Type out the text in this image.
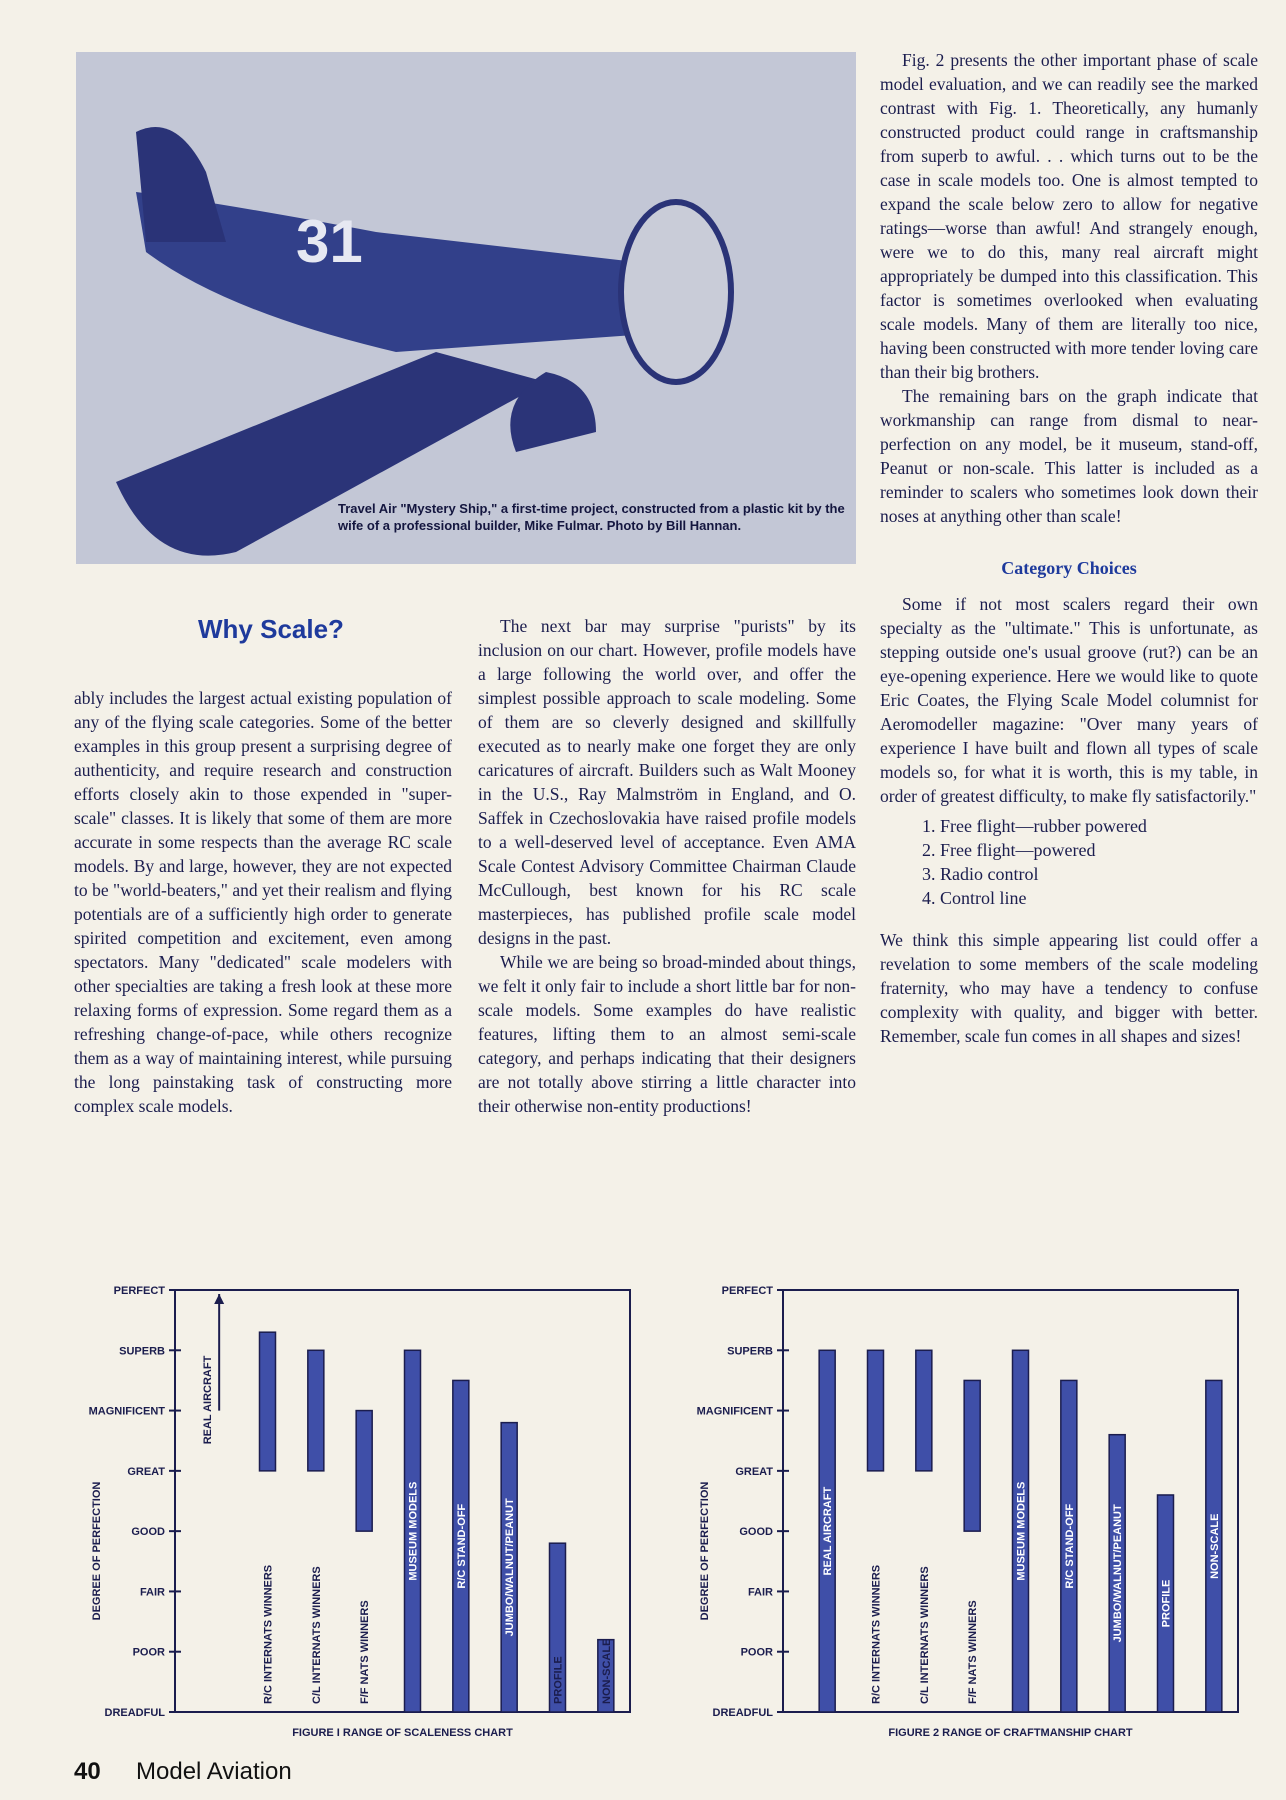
31
Travel Air "Mystery Ship," a first-time project, constructed from a plastic kit by the wife of a professional builder, Mike Fulmar. Photo by Bill Hannan.
Why Scale?

ably includes the largest actual existing population of any of the flying scale categories. Some of the better examples in this group present a surprising degree of authenticity, and require research and construction efforts closely akin to those expended in "super-scale" classes. It is likely that some of them are more accurate in some respects than the average RC scale models. By and large, however, they are not expected to be "world-beaters," and yet their realism and flying potentials are of a sufficiently high order to generate spirited competition and excitement, even among spectators. Many "dedicated" scale modelers with other specialties are taking a fresh look at these more relaxing forms of expression. Some regard them as a refreshing change-of-pace, while others recognize them as a way of maintaining interest, while pursuing the long painstaking task of constructing more complex scale models.

The next bar may surprise "purists" by its inclusion on our chart. However, profile models have a large following the world over, and offer the simplest possible approach to scale modeling. Some of them are so cleverly designed and skillfully executed as to nearly make one forget they are only caricatures of aircraft. Builders such as Walt Mooney in the U.S., Ray Malmström in England, and O. Saffek in Czechoslovakia have raised profile models to a well-deserved level of acceptance. Even AMA Scale Contest Advisory Committee Chairman Claude McCullough, best known for his RC scale masterpieces, has published profile scale model designs in the past.

While we are being so broad-minded about things, we felt it only fair to include a short little bar for non-scale models. Some examples do have realistic features, lifting them to an almost semi-scale category, and perhaps indicating that their designers are not totally above stirring a little character into their otherwise non-entity productions!

Fig. 2 presents the other important phase of scale model evaluation, and we can readily see the marked contrast with Fig. 1. Theoretically, any humanly constructed product could range in craftsmanship from superb to awful. . . which turns out to be the case in scale models too. One is almost tempted to expand the scale below zero to allow for negative ratings—worse than awful! And strangely enough, were we to do this, many real aircraft might appropriately be dumped into this classification. This factor is sometimes overlooked when evaluating scale models. Many of them are literally too nice, having been constructed with more tender loving care than their big brothers.

The remaining bars on the graph indicate that workmanship can range from dismal to near-perfection on any model, be it museum, stand-off, Peanut or non-scale. This latter is included as a reminder to scalers who sometimes look down their noses at anything other than scale!

Category Choices

Some if not most scalers regard their own specialty as the "ultimate." This is unfortunate, as stepping outside one's usual groove (rut?) can be an eye-opening experience. Here we would like to quote Eric Coates, the Flying Scale Model columnist for Aeromodeller magazine: "Over many years of experience I have built and flown all types of scale models so, for what it is worth, this is my table, in order of greatest difficulty, to make fly satisfactorily."

1. Free flight—rubber powered
2. Free flight—powered
3. Radio control
4. Control line

We think this simple appearing list could offer a revelation to some members of the scale modeling fraternity, who may have a tendency to confuse complexity with quality, and bigger with better. Remember, scale fun comes in all shapes and sizes!

DREADFUL
POOR
FAIR
GOOD
GREAT
MAGNIFICENT
SUPERB
PERFECT
DEGREE OF PERFECTION
FIGURE I RANGE OF SCALENESS CHART
REAL AIRCRAFT
R/C INTERNATS WINNERS	C/L INTERNATS WINNERS	F/F NATS WINNERS
MUSEUM MODELS	R/C STAND-OFF	JUMBO/WALNUT/PEANUT
PROFILE	NON-SCALE
DREADFUL
POOR
FAIR
GOOD
GREAT
MAGNIFICENT
SUPERB
PERFECT
DEGREE OF PERFECTION
FIGURE 2 RANGE OF CRAFTMANSHIP CHART
REAL AIRCRAFT
R/C INTERNATS WINNERS	C/L INTERNATS WINNERS	F/F NATS WINNERS
MUSEUM MODELS	R/C STAND-OFF	JUMBO/WALNUT/PEANUT	PROFILE
NON-SCALE
40 Model Aviation
